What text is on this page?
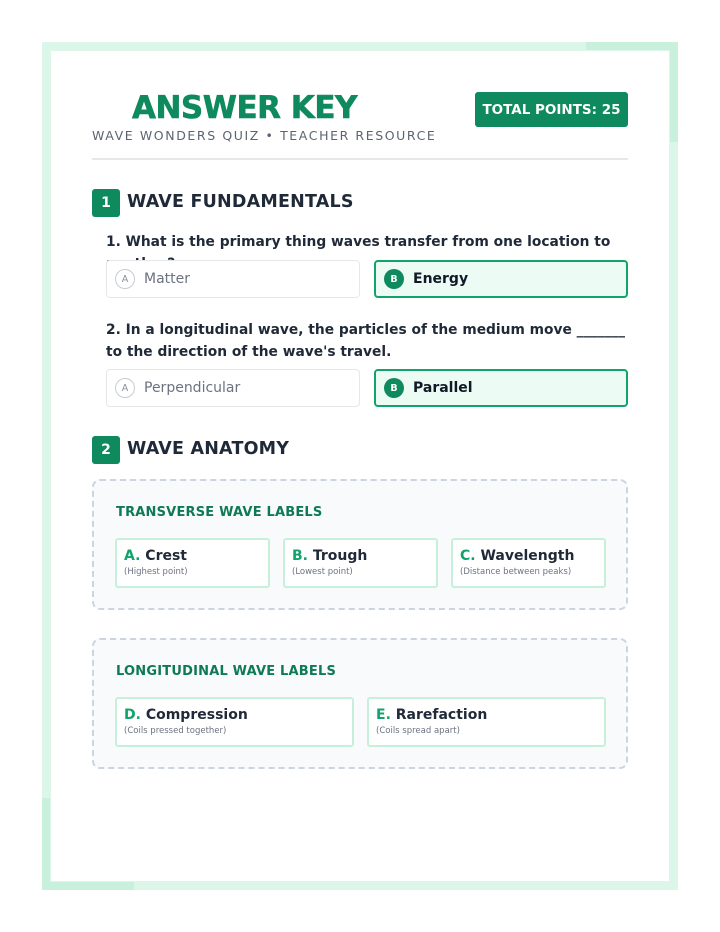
ANSWER KEY
WAVE WONDERS QUIZ • TEACHER RESOURCE
TOTAL POINTS: 25
1 WAVE FUNDAMENTALS
1. What is the primary thing waves transfer from one location to
A	Matter	B	Energy
2. In a longitudinal wave, the particles of the medium move _______ to the direction of the wave's travel.
A	Perpendicular	B	Parallel
2 WAVE ANATOMY
TRANSVERSE WAVE LABELS
A. Crest
(Highest point)
B. Trough
(Lowest point)
C. Wavelength
(Distance between peaks)
LONGITUDINAL WAVE LABELS
D. Compression
(Coils pressed together)
E. Rarefaction
(Coils spread apart)
